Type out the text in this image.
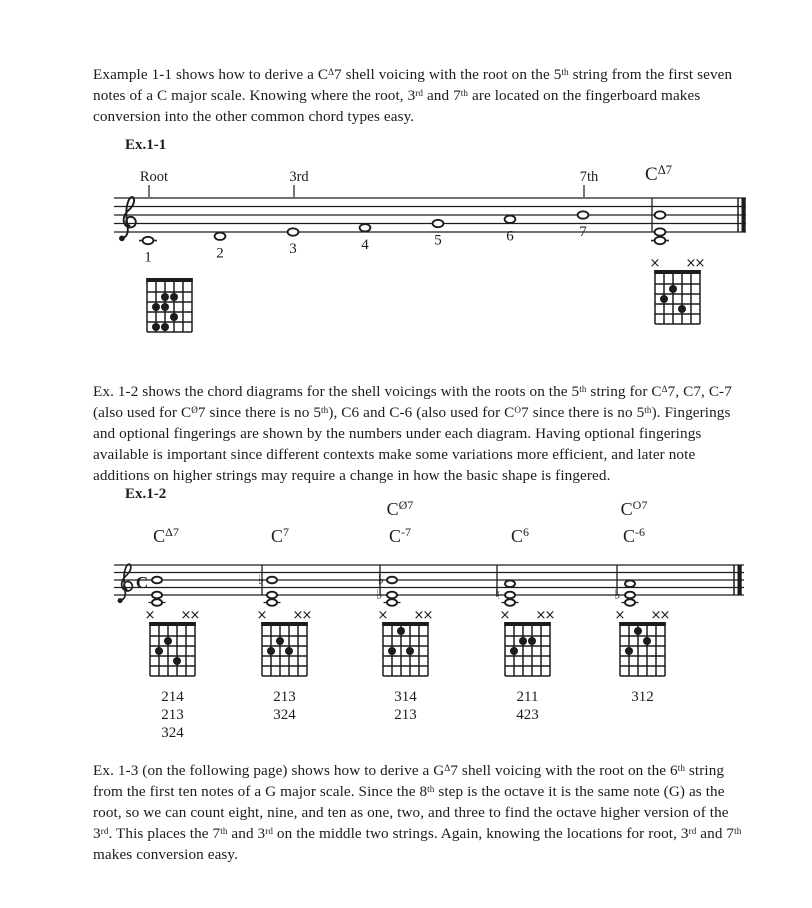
Example 1-1 shows how to derive a $C^\Delta 7$ shell voicing with the root on the 5th string from the first seven notes of a C major scale. Knowing where the root, 3rd and 7th are located on the fingerboard makes conversion into the other common chord types easy.

Ex.1-1
1
Root
2	3
3rd
4	5	6	7
7th $C^{\Delta 7}$
× ×
×

Ex. 1-2 shows the chord diagrams for the shell voicings with the roots on the 5th string for $C^\Delta 7$, C7, C-7 (also used for $C^Ø7$ since there is no 5th), C6 and C-6 (also used for $C^O7$ since there is no 5th). Fingerings and optional fingerings are shown by the numbers under each diagram. Having optional fingerings available is important since different contexts make some variations more efficient, and later note additions on higher strings may require a change in how the basic shape is fingered.

Ex.1-2
$C^{\Delta 7}$	$C^7$
$C^{Ø7}$
$C^{-7}$	$C^6$
$C^{O7}$
$C^{-6}$
C	♭
♭
♭
♮	♭
× ×
×
214
213
324
× ×
×
213
324
× ×
×
314
213
× ×
×
211
423
× ×
×
312

Ex. 1-3 (on the following page) shows how to derive a $G^\Delta 7$ shell voicing with the root on the 6th string from the first ten notes of a G major scale. Since the 8th step is the octave it is the same note (G) as the root, so we can count eight, nine, and ten as one, two, and three to find the octave higher version of the 3rd. This places the 7th and 3rd on the middle two strings. Again, knowing the locations for root, 3rd and 7th makes conversion easy.
